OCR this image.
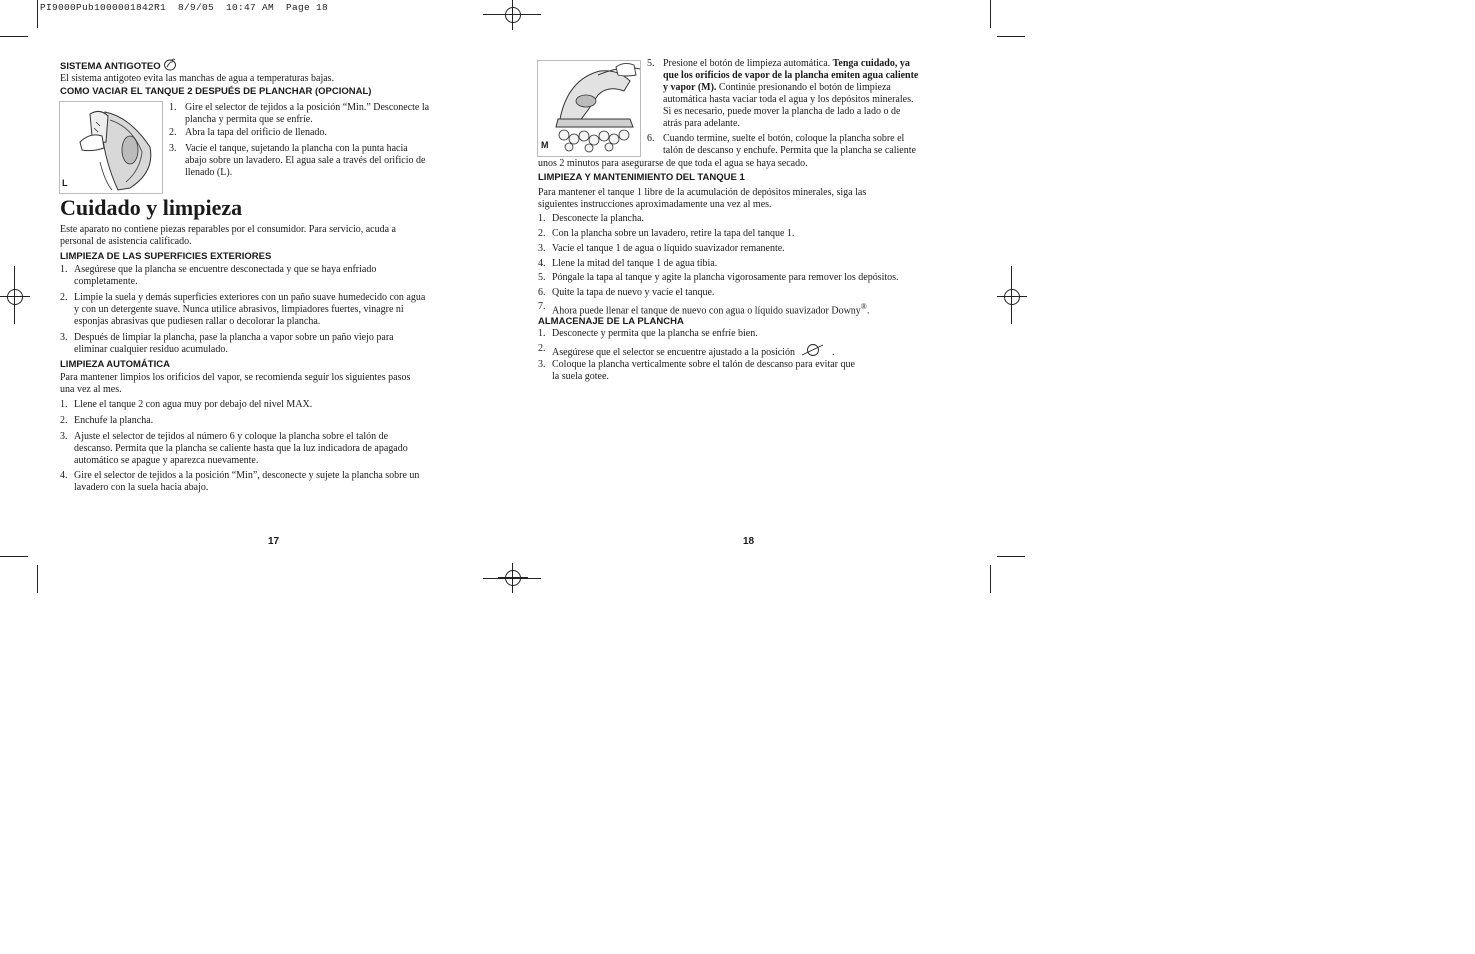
PI9000Pub1000001842R1  8/9/05  10:47 AM  Page 18
SISTEMA ANTIGOTEO
El sistema antigoteo evita las manchas de agua a temperaturas bajas.
COMO VACIAR EL TANQUE 2 DESPUÉS DE PLANCHAR (OPCIONAL)
L
1. Gire el selector de tejidos a la posición “Min.” Desconecte la
plancha y permita que se enfríe.
2. Abra la tapa del orificio de llenado.
3. Vacíe el tanque, sujetando la plancha con la punta hacia
abajo sobre un lavadero. El agua sale a través del orificio de
llenado (L).
Cuidado y limpieza
Este aparato no contiene piezas reparables por el consumidor. Para servicio, acuda a
personal de asistencia calificado.
LIMPIEZA DE LAS SUPERFICIES EXTERIORES
1. Asegúrese que la plancha se encuentre desconectada y que se haya enfriado
completamente.
2. Limpie la suela y demás superficies exteriores con un paño suave humedecido con agua
y con un detergente suave. Nunca utilice abrasivos, limpiadores fuertes, vinagre ni
esponjas abrasivas que pudiesen rallar o decolorar la plancha.
3. Después de limpiar la plancha, pase la plancha a vapor sobre un paño viejo para
eliminar cualquier residuo acumulado.
LIMPIEZA AUTOMÁTICA
Para mantener limpios los orificios del vapor, se recomienda seguir los siguientes pasos
una vez al mes.
1. Llene el tanque 2 con agua muy por debajo del nivel MAX.
2. Enchufe la plancha.
3. Ajuste el selector de tejidos al número 6 y coloque la plancha sobre el talón de
descanso. Permita que la plancha se caliente hasta que la luz indicadora de apagado
automático se apague y aparezca nuevamente.
4. Gire el selector de tejidos a la posición “Min”, desconecte y sujete la plancha sobre un
lavadero con la suela hacia abajo.
17
M
5. Presione el botón de limpieza automática. Tenga cuidado, ya
que los orificios de vapor de la plancha emiten agua caliente
y vapor (M). Continúe presionando el botón de limpieza
automática hasta vaciar toda el agua y los depósitos minerales.
Si es necesario, puede mover la plancha de lado a lado o de
atrás para adelante.
6. Cuando termine, suelte el botón, coloque la plancha sobre el
talón de descanso y enchufe. Permita que la plancha se caliente
unos 2 minutos para asegurarse de que toda el agua se haya secado.
LIMPIEZA Y MANTENIMIENTO DEL TANQUE 1
Para mantener el tanque 1 libre de la acumulación de depósitos minerales, siga las
siguientes instrucciones aproximadamente una vez al mes.
1. Desconecte la plancha.
2. Con la plancha sobre un lavadero, retire la tapa del tanque 1.
3. Vacíe el tanque 1 de agua o líquido suavizador remanente.
4. Llene la mitad del tanque 1 de agua tibia.
5. Póngale la tapa al tanque y agite la plancha vigorosamente para remover los depósitos.
6. Quite la tapa de nuevo y vacíe el tanque.
7. Ahora puede llenar el tanque de nuevo con agua o líquido suavizador Downy®.
ALMACENAJE DE LA PLANCHA
1. Desconecte y permita que la plancha se enfríe bien.
2. Asegúrese que el selector se encuentre ajustado a la posición	.
3. Coloque la plancha verticalmente sobre el talón de descanso para evitar que
la suela gotee.
18
